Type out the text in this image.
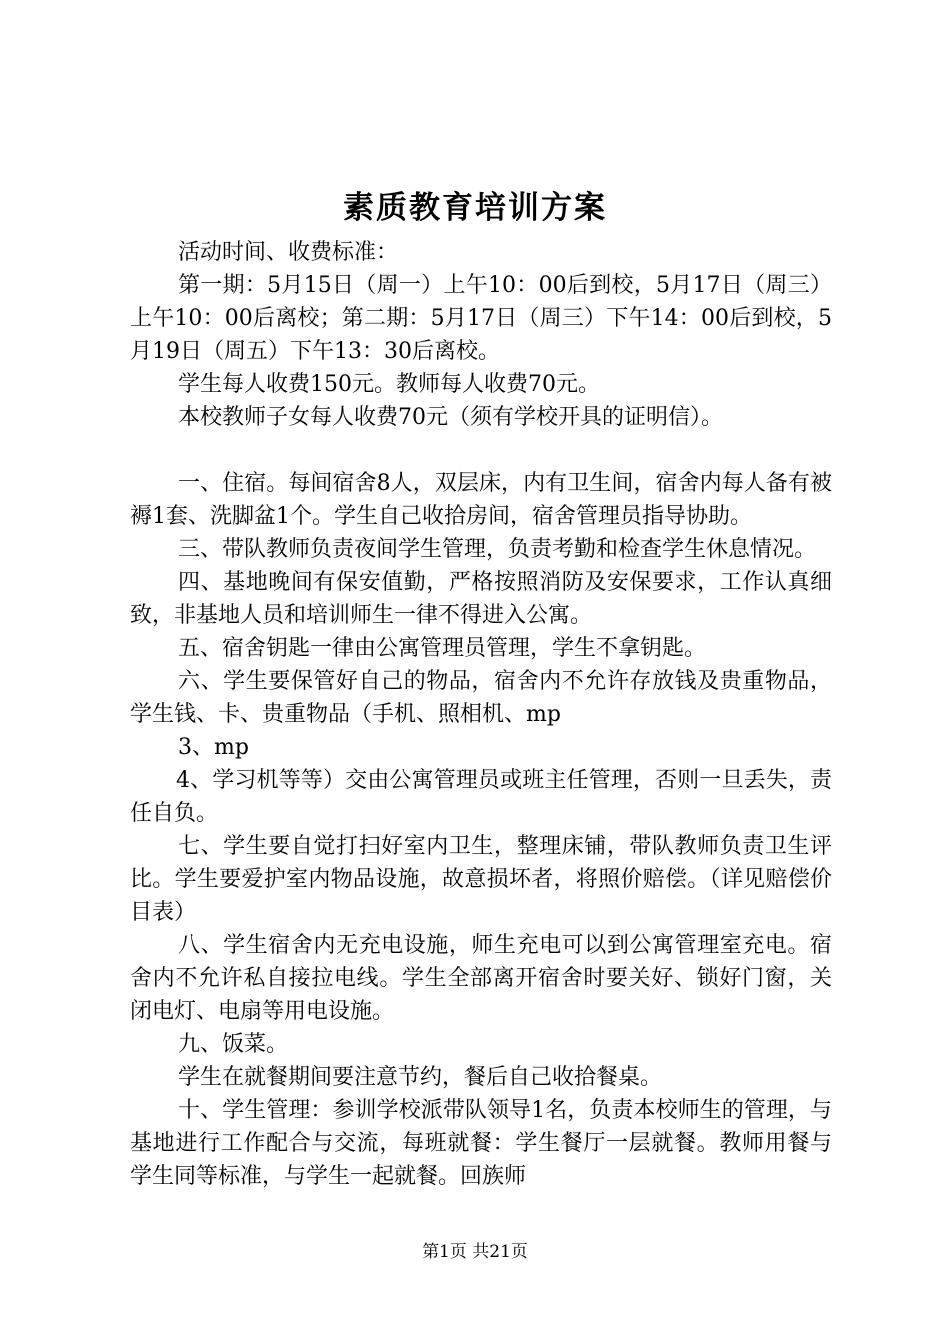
素质教育培训方案

活动时间、收费标准：

第一期：5月15日（周一）上午10：00后到校，5月17日（周三）上午10：00后离校；第二期：5月17日（周三）下午14：00后到校，5月19日（周五）下午13：30后离校。

学生每人收费150元。教师每人收费70元。

本校教师子女每人收费70元（须有学校开具的证明信）。

一、住宿。每间宿舍8人，双层床，内有卫生间，宿舍内每人备有被褥1套、洗脚盆1个。学生自己收拾房间，宿舍管理员指导协助。

三、带队教师负责夜间学生管理，负责考勤和检查学生休息情况。

四、基地晚间有保安值勤，严格按照消防及安保要求，工作认真细致，非基地人员和培训师生一律不得进入公寓。

五、宿舍钥匙一律由公寓管理员管理，学生不拿钥匙。

六、学生要保管好自己的物品，宿舍内不允许存放钱及贵重物品，学生钱、卡、贵重物品（手机、照相机、mp

3、mp

4、学习机等等）交由公寓管理员或班主任管理，否则一旦丢失，责任自负。

七、学生要自觉打扫好室内卫生，整理床铺，带队教师负责卫生评比。学生要爱护室内物品设施，故意损坏者，将照价赔偿。（详见赔偿价目表）

八、学生宿舍内无充电设施，师生充电可以到公寓管理室充电。宿舍内不允许私自接拉电线。学生全部离开宿舍时要关好、锁好门窗，关闭电灯、电扇等用电设施。

九、饭菜。

学生在就餐期间要注意节约，餐后自己收拾餐桌。

十、学生管理：参训学校派带队领导1名，负责本校师生的管理，与基地进行工作配合与交流，每班就餐：学生餐厅一层就餐。教师用餐与学生同等标准，与学生一起就餐。回族师

第1页 共21页
